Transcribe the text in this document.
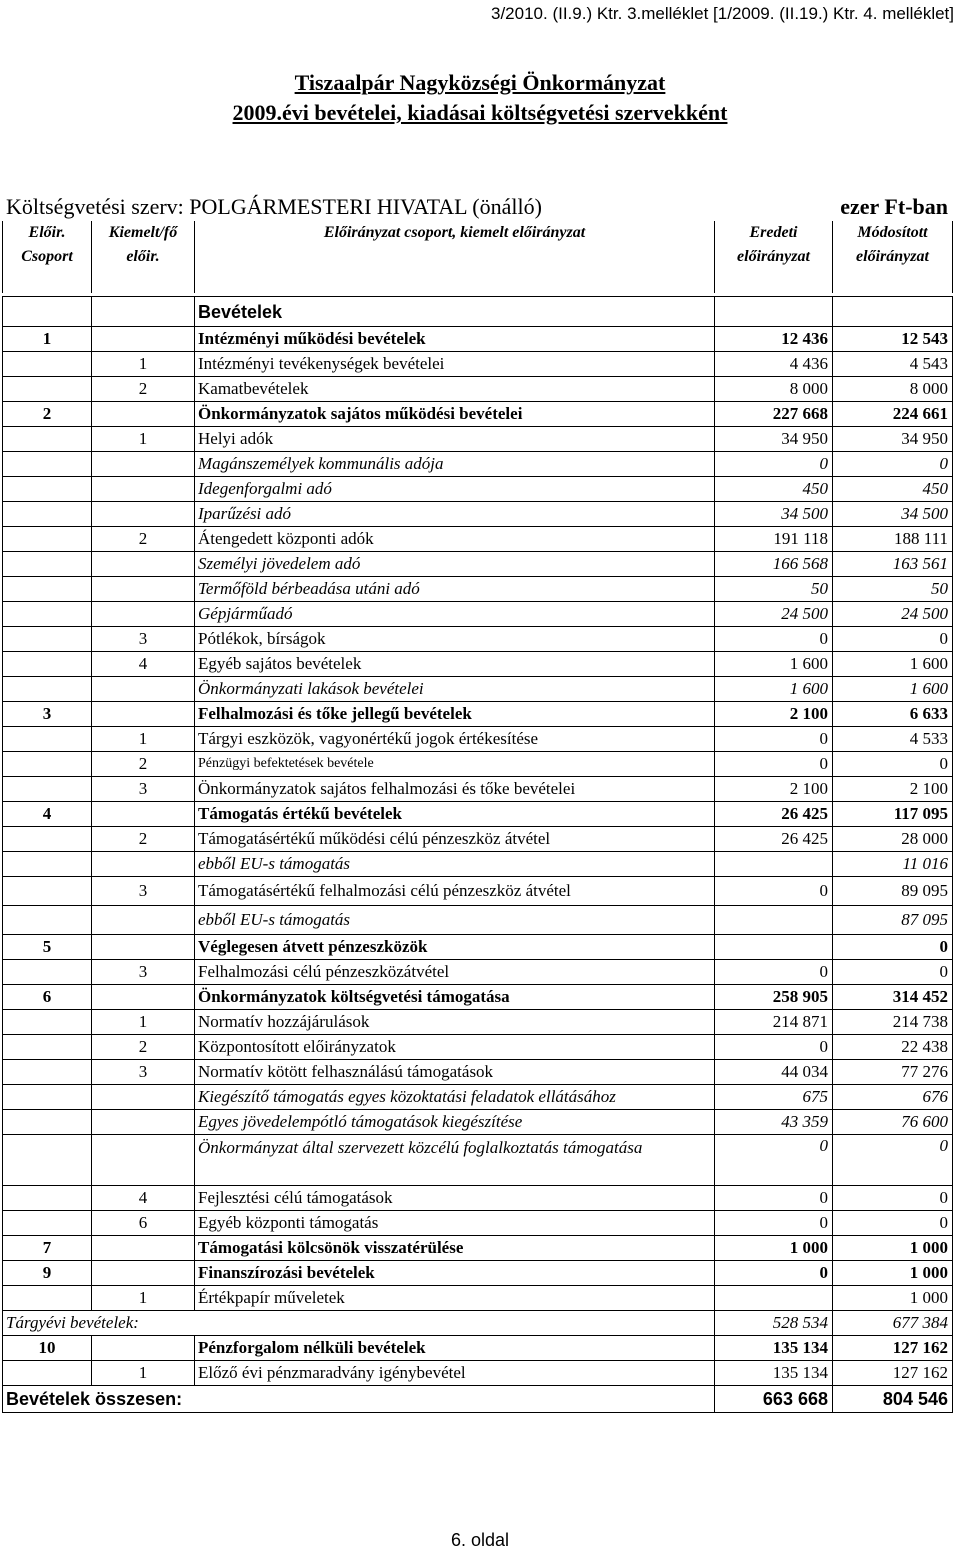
3/2010. (II.9.) Ktr. 3.melléklet [1/2009. (II.19.) Ktr. 4. melléklet]
Tiszaalpár Nagyközségi Önkormányzat
2009.évi bevételei, kiadásai költségvetési szervekként
Költségvetési szerv: POLGÁRMESTERI HIVATAL (önálló)	ezer Ft-ban
Előir. Csoport	Kiemelt/fő előir.	Előirányzat csoport, kiemelt előirányzat	Eredeti előirányzat	Módosított előirányzat
		Bevételek		
1		Intézményi működési bevételek	12 436	12 543
	1	Intézményi tevékenységek bevételei	4 436	4 543
	2	Kamatbevételek	8 000	8 000
2		Önkormányzatok sajátos működési bevételei	227 668	224 661
	1	Helyi adók	34 950	34 950
		Magánszemélyek kommunális adója	0	0
		Idegenforgalmi adó	450	450
		Iparűzési adó	34 500	34 500
	2	Átengedett központi adók	191 118	188 111
		Személyi jövedelem adó	166 568	163 561
		Termőföld bérbeadása utáni adó	50	50
		Gépjárműadó	24 500	24 500
	3	Pótlékok, bírságok	0	0
	4	Egyéb sajátos bevételek	1 600	1 600
		Önkormányzati lakások bevételei	1 600	1 600
3		Felhalmozási és tőke jellegű bevételek	2 100	6 633
	1	Tárgyi eszközök, vagyonértékű jogok értékesítése	0	4 533
	2	Pénzügyi befektetések bevétele	0	0
	3	Önkormányzatok sajátos felhalmozási és tőke bevételei	2 100	2 100
4		Támogatás értékű bevételek	26 425	117 095
	2	Támogatásértékű működési célú pénzeszköz átvétel	26 425	28 000
		ebből EU-s támogatás		11 016
	3	Támogatásértékű felhalmozási célú pénzeszköz átvétel	0	89 095
		ebből EU-s támogatás		87 095
5		Véglegesen átvett pénzeszközök		0
	3	Felhalmozási célú pénzeszközátvétel	0	0
6		Önkormányzatok költségvetési támogatása	258 905	314 452
	1	Normatív hozzájárulások	214 871	214 738
	2	Központosított előirányzatok	0	22 438
	3	Normatív kötött felhasználású támogatások	44 034	77 276
		Kiegészítő támogatás egyes közoktatási feladatok ellátásához	675	676
		Egyes jövedelempótló támogatások kiegészítése	43 359	76 600
		Önkormányzat által szervezett közcélú foglalkoztatás támogatása	0	0
	4	Fejlesztési célú támogatások	0	0
	6	Egyéb központi támogatás	0	0
7		Támogatási kölcsönök visszatérülése	1 000	1 000
9		Finanszírozási bevételek	0	1 000
	1	Értékpapír műveletek		1 000
Tárgyévi bevételek:			528 534	677 384
10		Pénzforgalom nélküli bevételek	135 134	127 162
	1	Előző évi pénzmaradvány igénybevétel	135 134	127 162
Bevételek összesen:			663 668	804 546
6. oldal
